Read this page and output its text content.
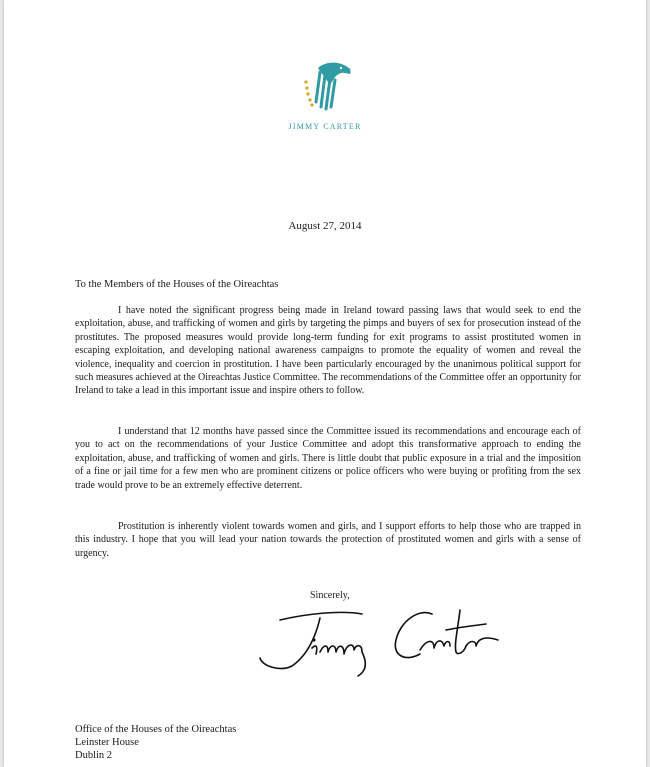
JIMMY CARTER
August 27, 2014
To the Members of the Houses of the Oireachtas

I have noted the significant progress being made in Ireland toward passing laws that would seek to end the exploitation, abuse, and trafficking of women and girls by targeting the pimps and buyers of sex for prosecution instead of the prostitutes. The proposed measures would provide long-term funding for exit programs to assist prostituted women in escaping exploitation, and developing national awareness campaigns to promote the equality of women and reveal the violence, inequality and coercion in prostitution. I have been particularly encouraged by the unanimous political support for such measures achieved at the Oireachtas Justice Committee. The recommendations of the Committee offer an opportunity for Ireland to take a lead in this important issue and inspire others to follow.

I understand that 12 months have passed since the Committee issued its recommendations and encourage each of you to act on the recommendations of your Justice Committee and adopt this transformative approach to ending the exploitation, abuse, and trafficking of women and girls. There is little doubt that public exposure in a trial and the imposition of a fine or jail time for a few men who are prominent citizens or police officers who were buying or profiting from the sex trade would prove to be an extremely effective deterrent.

Prostitution is inherently violent towards women and girls, and I support efforts to help those who are trapped in this industry. I hope that you will lead your nation towards the protection of prostituted women and girls with a sense of urgency.

Sincerely,
Office of the Houses of the Oireachtas
Leinster House
Dublin 2
